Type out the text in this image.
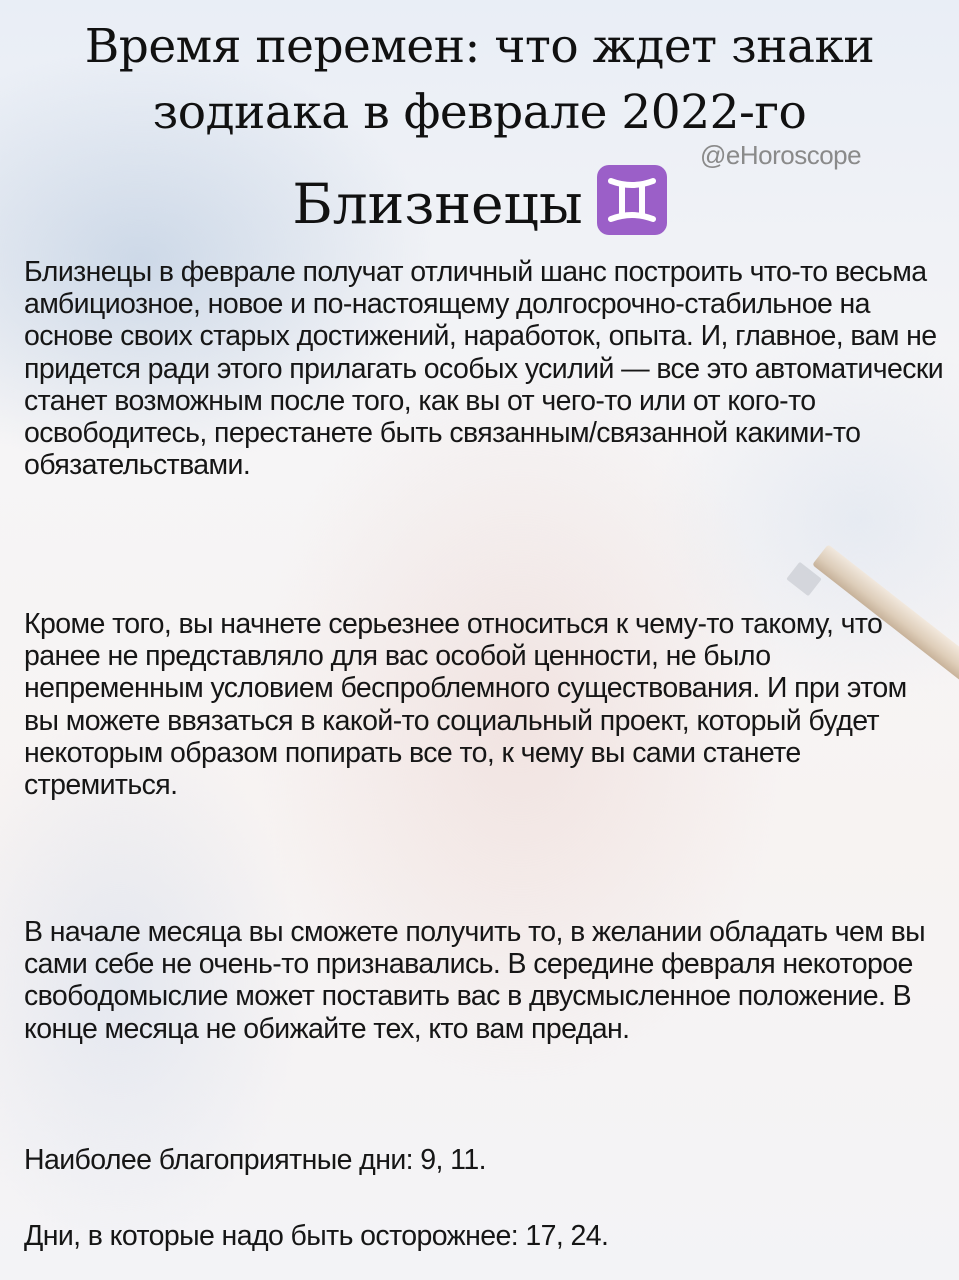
Время перемен: что ждет знаки
зодиака в феврале 2022-го
@eHoroscope
Близнецы

Близнецы в феврале получат отличный шанс построить что-то весьма амбициозное, новое и по-настоящему долгосрочно-стабильное на основе своих старых достижений, наработок, опыта. И, главное, вам не придется ради этого прилагать особых усилий — все это автоматически станет возможным после того, как вы от чего-то или от кого-то освободитесь, перестанете быть связанным/связанной какими-то обязательствами.

Кроме того, вы начнете серьезнее относиться к чему-то такому, что ранее не представляло для вас особой ценности, не было непременным условием беспроблемного существования. И при этом вы можете ввязаться в какой-то социальный проект, который будет некоторым образом попирать все то, к чему вы сами станете стремиться.

В начале месяца вы сможете получить то, в желании обладать чем вы сами себе не очень-то признавались. В середине февраля некоторое свободомыслие может поставить вас в двусмысленное положение. В конце месяца не обижайте тех, кто вам предан.

Наиболее благоприятные дни: 9, 11.

Дни, в которые надо быть осторожнее: 17, 24.
